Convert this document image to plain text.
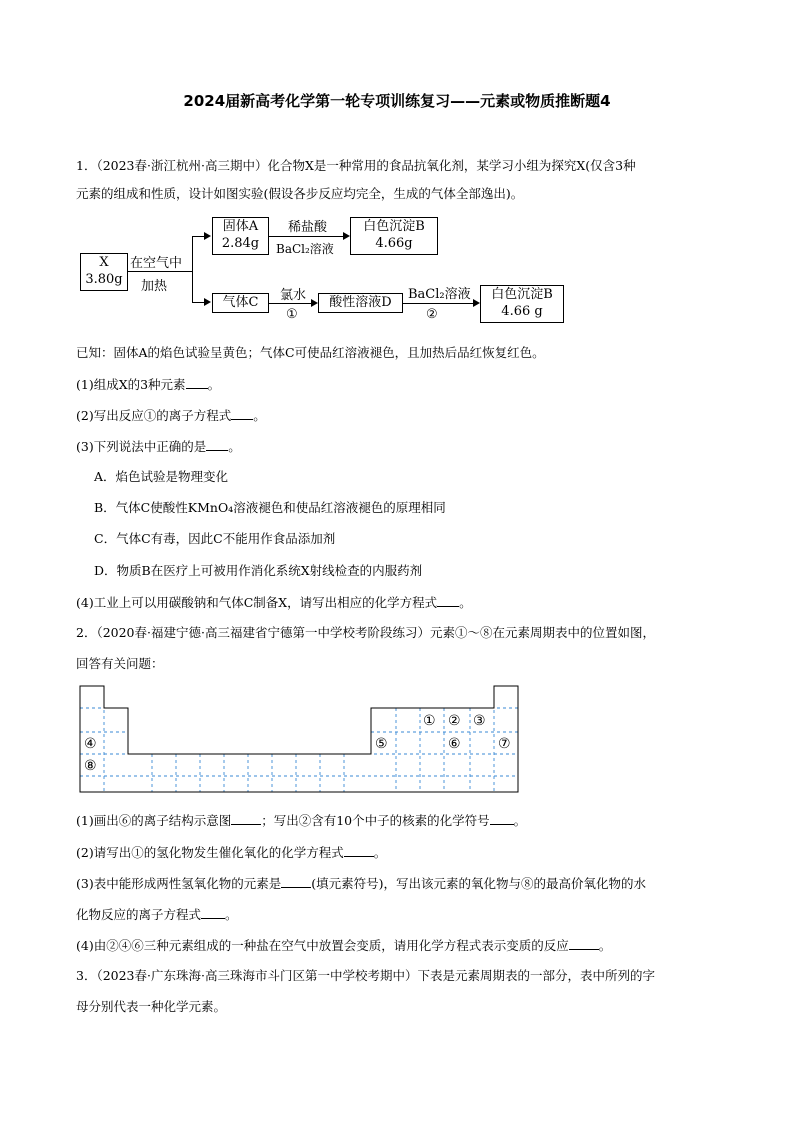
2024届新高考化学第一轮专项训练复习——元素或物质推断题4
1．（2023春·浙江杭州·高三期中）化合物X是一种常用的食品抗氧化剂，某学习小组为探究X(仅含3种
元素的组成和性质，设计如图实验(假设各步反应均完全，生成的气体全部逸出)。
X
3.80g
在空气中
加热
固体A
2.84g
稀盐酸
BaCl₂溶液
白色沉淀B
4.66g
气体C	氯水
①
酸性溶液D
BaCl₂溶液
②
白色沉淀B
4.66 g
已知：固体A的焰色试验呈黄色；气体C可使品红溶液褪色，且加热后品红恢复红色。
(1)组成X的3种元素 。
(2)写出反应①的离子方程式 。
(3)下列说法中正确的是 。
A．焰色试验是物理变化
B．气体C使酸性KMnO₄溶液褪色和使品红溶液褪色的原理相同
C．气体C有毒，因此C不能用作食品添加剂
D．物质B在医疗上可被用作消化系统X射线检查的内服药剂
(4)工业上可以用碳酸钠和气体C制备X，请写出相应的化学方程式 。
2．（2020春·福建宁德·高三福建省宁德第一中学校考阶段练习）元素①～⑧在元素周期表中的位置如图，
回答有关问题：
① ② ③
④	⑤	⑥	⑦
⑧
(1)画出⑥的离子结构示意图 ；写出②含有10个中子的核素的化学符号 。
(2)请写出①的氢化物发生催化氧化的化学方程式 。
(3)表中能形成两性氢氧化物的元素是 (填元素符号)，写出该元素的氧化物与⑧的最高价氧化物的水
化物反应的离子方程式 。
(4)由②④⑥三种元素组成的一种盐在空气中放置会变质，请用化学方程式表示变质的反应 。
3．（2023春·广东珠海·高三珠海市斗门区第一中学校考期中）下表是元素周期表的一部分，表中所列的字
母分别代表一种化学元素。
